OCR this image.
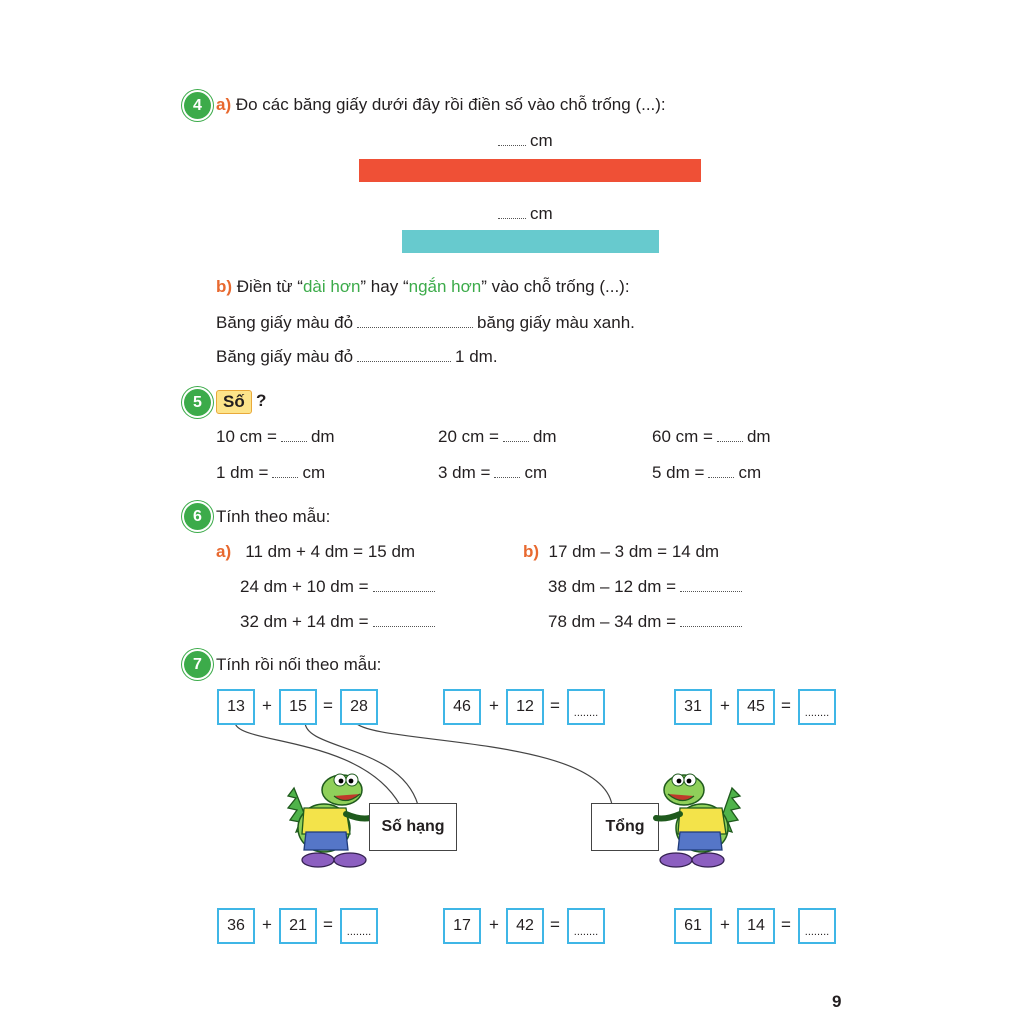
4 a) Đo các băng giấy dưới đây rồi điền số vào chỗ trống (...):
cm
cm
b) Điền từ “dài hơn” hay “ngắn hơn” vào chỗ trống (...):
Băng giấy màu đỏ	băng giấy màu xanh.
Băng giấy màu đỏ	1 dm.
5	Số ?
10 cm = dm	20 cm = dm	60 cm = dm
1 dm = cm	3 dm = cm	5 dm = cm
6 Tính theo mẫu:
a) 11 dm + 4 dm = 15 dm
24 dm + 10 dm =
32 dm + 14 dm =
b) 17 dm – 3 dm = 14 dm
38 dm – 12 dm =
78 dm – 34 dm =
7 Tính rồi nối theo mẫu:
13	+	15 =	28	46	+	12 =	........	31	+	45 =	........
Số hạng	Tổng
36	+	21 =	........	17	+	42 =	........	61	+	14 =	........
9
